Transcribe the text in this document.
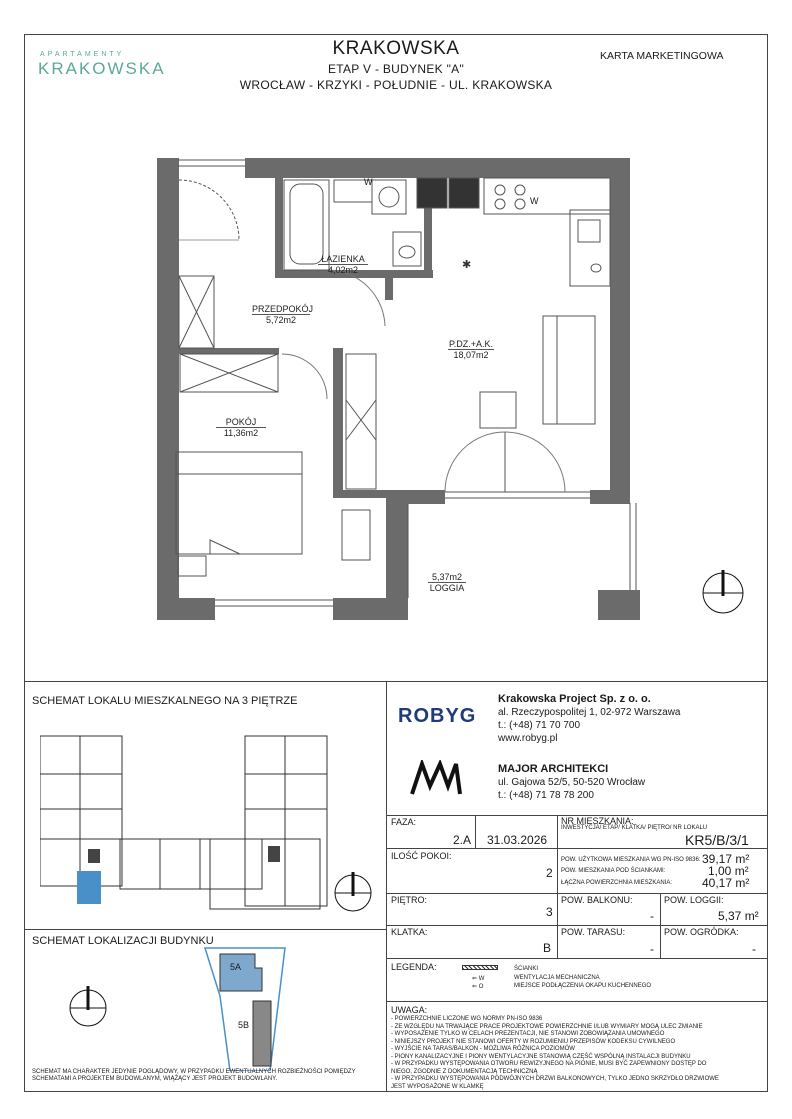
APARTAMENTY
KRAKOWSKA
KRAKOWSKA
ETAP V - BUDYNEK "A"
WROCŁAW - KRZYKI - POŁUDNIE - UL. KRAKOWSKA
KARTA MARKETINGOWA
✱
W
W
ŁAZIENKA
4,02m2
PRZEDPOKÓJ
5,72m2
P.DZ.+A.K.
18,07m2
POKÓJ
11,36m2
5,37m2
LOGGIA
SCHEMAT LOKALU MIESZKALNEGO NA 3 PIĘTRZE
SCHEMAT LOKALIZACJI BUDYNKU
5A
5B
SCHEMAT MA CHARAKTER JEDYNIE POGLĄDOWY, W PRZYPADKU EWENTUALNYCH ROZBIEŻNOŚCI POMIĘDZY SCHEMATAMI A PROJEKTEM BUDOWLANYM, WIĄŻĄCY JEST PROJEKT BUDOWLANY.
ROBYG
Krakowska Project Sp. z o. o.
al. Rzeczypospolitej 1, 02-972 Warszawa
t.: (+48) 71 70 700
www.robyg.pl
MAJOR ARCHITEKCI
ul. Gajowa 52/5, 50-520 Wrocław
t.: (+48) 71 78 78 200
FAZA:
2.A 31.03.2026
NR MIESZKANIA:
INWESTYCJA/ ETAP/ KLATKA/ PIĘTRO/ NR LOKALU
KR5/B/3/1
ILOŚĆ POKOI:
2
POW. UŻYTKOWA MIESZKANIA WG PN-ISO 9836: 39,17 m²
POW. MIESZKANIA POD ŚCIANKAMI:	1,00 m²
ŁĄCZNA POWIERZCHNIA MIESZKANIA: 40,17 m²
PIĘTRO:
3
POW. BALKONU:
-
POW. LOGGII:
5,37 m²
KLATKA:
B
POW. TARASU:
-
POW. OGRÓDKA:
-
LEGENDA:
⇐ W
⇐ O
ŚCIANKI
WENTYLACJA MECHANICZNA
MIEJSCE PODŁĄCZENIA OKAPU KUCHENNEGO
UWAGA:
- POWIERZCHNIE LICZONE WG NORMY PN-ISO 9836
- ZE WZGLĘDU NA TRWAJĄCE PRACE PROJEKTOWE POWIERZCHNIE I/LUB WYMIARY MOGĄ ULEC ZMIANIE
- WYPOSAŻENIE TYLKO W CELACH PREZENTACJI, NIE STANOWI ZOBOWIĄZANIA UMOWNEGO
- NINIEJSZY PROJEKT NIE STANOWI OFERTY W ROZUMIENIU PRZEPISÓW KODEKSU CYWILNEGO
- WYJŚCIE NA TARAS/BALKON - MOŻLIWA RÓŻNICA POZIOMÓW
- PIONY KANALIZACYJNE I PIONY WENTYLACYJNE STANOWIĄ CZĘŚĆ WSPÓLNĄ INSTALACJI BUDYNKU
- W PRZYPADKU WYSTĘPOWANIA OTWORU REWIZYJNEGO NA PIONIE, MUSI BYĆ ZAPEWNIONY DOSTĘP DO NIEGO, ZGODNIE Z DOKUMENTACJĄ TECHNICZNĄ
- W PRZYPADKU WYSTĘPOWANIA PODWÓJNYCH DRZWI BALKONOWYCH, TYLKO JEDNO SKRZYDŁO DRZWIOWE JEST WYPOSAŻONE W KLAMKĘ
